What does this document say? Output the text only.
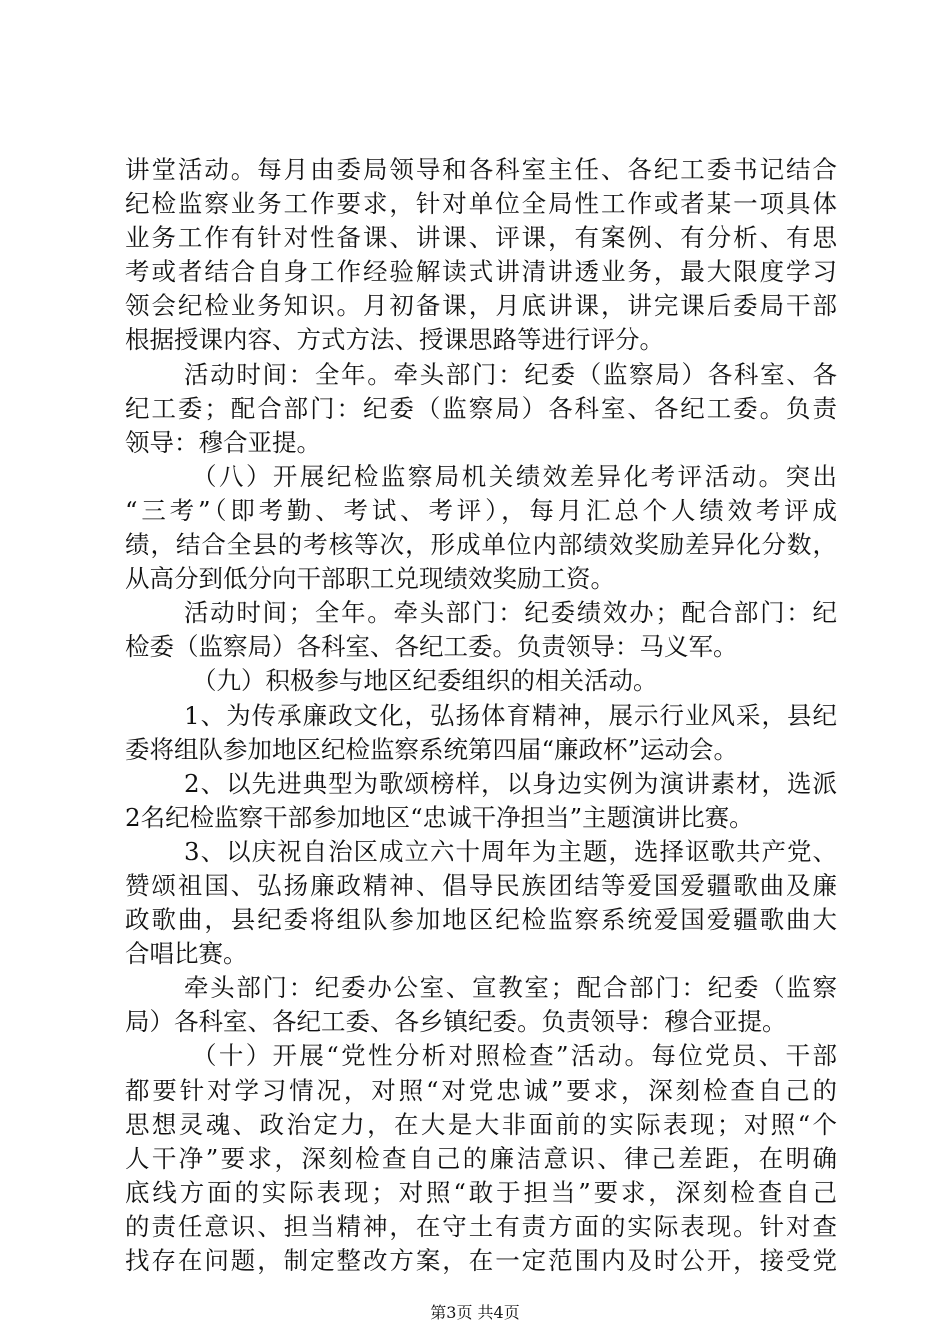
讲堂活动。每月由委局领导和各科室主任、各纪工委书记结合
纪检监察业务工作要求，针对单位全局性工作或者某一项具体
业务工作有针对性备课、讲课、评课，有案例、有分析、有思
考或者结合自身工作经验解读式讲清讲透业务，最大限度学习
领会纪检业务知识。月初备课，月底讲课，讲完课后委局干部
根据授课内容、方式方法、授课思路等进行评分。
活动时间：全年。牵头部门：纪委（监察局）各科室、各
纪工委；配合部门：纪委（监察局）各科室、各纪工委。负责
领导：穆合亚提。
（八）开展纪检监察局机关绩效差异化考评活动。突出
“三考”（即考勤、考试、考评），每月汇总个人绩效考评成
绩，结合全县的考核等次，形成单位内部绩效奖励差异化分数，
从高分到低分向干部职工兑现绩效奖励工资。
活动时间；全年。牵头部门：纪委绩效办；配合部门：纪
检委（监察局）各科室、各纪工委。负责领导：马义军。
（九）积极参与地区纪委组织的相关活动。
1、为传承廉政文化，弘扬体育精神，展示行业风采，县纪
委将组队参加地区纪检监察系统第四届“廉政杯”运动会。
2、以先进典型为歌颂榜样，以身边实例为演讲素材，选派
2名纪检监察干部参加地区“忠诚干净担当”主题演讲比赛。
3、以庆祝自治区成立六十周年为主题，选择讴歌共产党、
赞颂祖国、弘扬廉政精神、倡导民族团结等爱国爱疆歌曲及廉
政歌曲，县纪委将组队参加地区纪检监察系统爱国爱疆歌曲大
合唱比赛。
牵头部门：纪委办公室、宣教室；配合部门：纪委（监察
局）各科室、各纪工委、各乡镇纪委。负责领导：穆合亚提。
（十）开展“党性分析对照检查”活动。每位党员、干部
都要针对学习情况，对照“对党忠诚”要求，深刻检查自己的
思想灵魂、政治定力，在大是大非面前的实际表现；对照“个
人干净”要求，深刻检查自己的廉洁意识、律己差距，在明确
底线方面的实际表现；对照“敢于担当”要求，深刻检查自己
的责任意识、担当精神，在守土有责方面的实际表现。针对查
找存在问题，制定整改方案，在一定范围内及时公开，接受党
第3页 共4页
